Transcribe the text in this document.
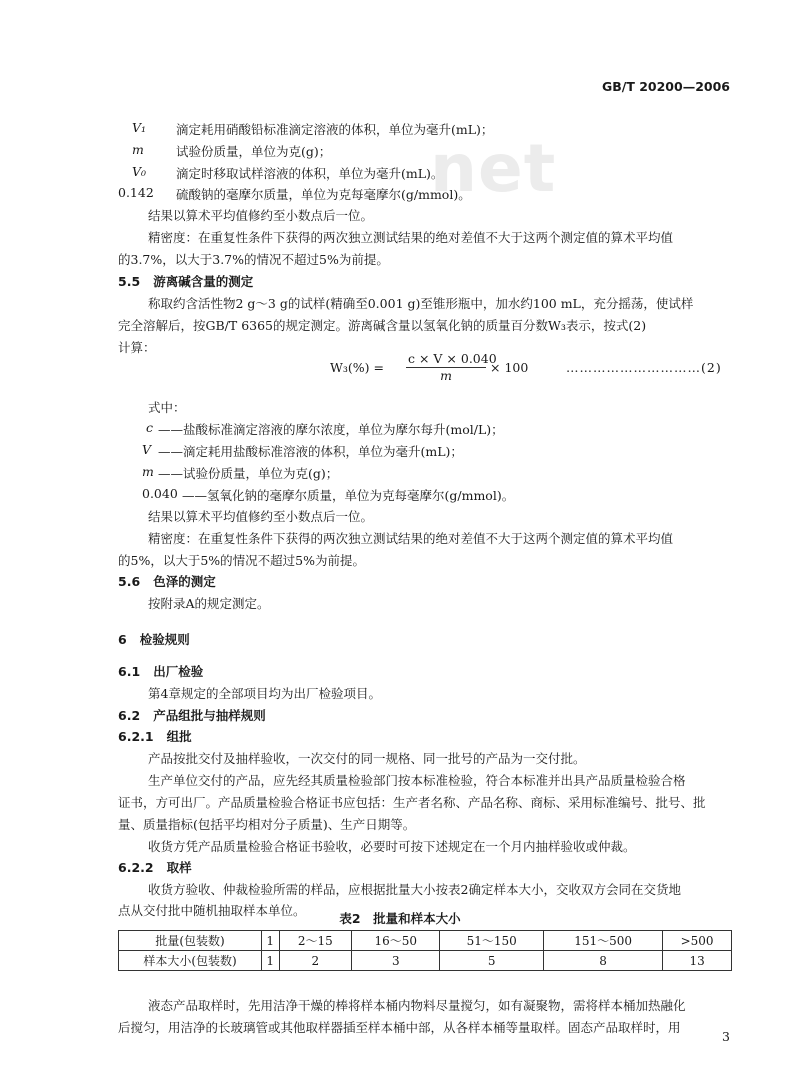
GB/T 20200—2006
net
V₁	滴定耗用硝酸铅标准滴定溶液的体积，单位为毫升(mL)；
m	试验份质量，单位为克(g)；
V₀	滴定时移取试样溶液的体积，单位为毫升(mL)。
0.142 硫酸钠的毫摩尔质量，单位为克每毫摩尔(g/mmol)。
结果以算术平均值修约至小数点后一位。
精密度：在重复性条件下获得的两次独立测试结果的绝对差值不大于这两个测定值的算术平均值
的3.7%，以大于3.7%的情况不超过5%为前提。
5.5 游离碱含量的测定
称取约含活性物2 g～3 g的试样(精确至0.001 g)至锥形瓶中，加水约100 mL，充分摇荡，使试样
完全溶解后，按GB/T 6365的规定测定。游离碱含量以氢氧化钠的质量百分数W₃表示，按式(2)
计算：
$W_3(\%) = \frac{c \times V \times 0.040}{m} \times 100$	…………………………(2)
式中：
c ——盐酸标准滴定溶液的摩尔浓度，单位为摩尔每升(mol/L)；
V ——滴定耗用盐酸标准溶液的体积，单位为毫升(mL)；
m ——试验份质量，单位为克(g)；
0.040 ——氢氧化钠的毫摩尔质量，单位为克每毫摩尔(g/mmol)。
结果以算术平均值修约至小数点后一位。
精密度：在重复性条件下获得的两次独立测试结果的绝对差值不大于这两个测定值的算术平均值
的5%，以大于5%的情况不超过5%为前提。
5.6 色泽的测定
按附录A的规定测定。
6 检验规则
6.1 出厂检验
第4章规定的全部项目均为出厂检验项目。
6.2 产品组批与抽样规则
6.2.1 组批
产品按批交付及抽样验收，一次交付的同一规格、同一批号的产品为一交付批。
生产单位交付的产品，应先经其质量检验部门按本标准检验，符合本标准并出具产品质量检验合格
证书，方可出厂。产品质量检验合格证书应包括：生产者名称、产品名称、商标、采用标准编号、批号、批
量、质量指标(包括平均相对分子质量)、生产日期等。
收货方凭产品质量检验合格证书验收，必要时可按下述规定在一个月内抽样验收或仲裁。
6.2.2 取样
收货方验收、仲裁检验所需的样品，应根据批量大小按表2确定样本大小，交收双方会同在交货地
点从交付批中随机抽取样本单位。
表2　批量和样本大小
批量(包装数)	1	2～15	16～50	51～150	151～500	>500
样本大小(包装数)	1	2	3	5	8	13
液态产品取样时，先用洁净干燥的棒将样本桶内物料尽量搅匀，如有凝聚物，需将样本桶加热融化
后搅匀，用洁净的长玻璃管或其他取样器插至样本桶中部，从各样本桶等量取样。固态产品取样时，用
3
